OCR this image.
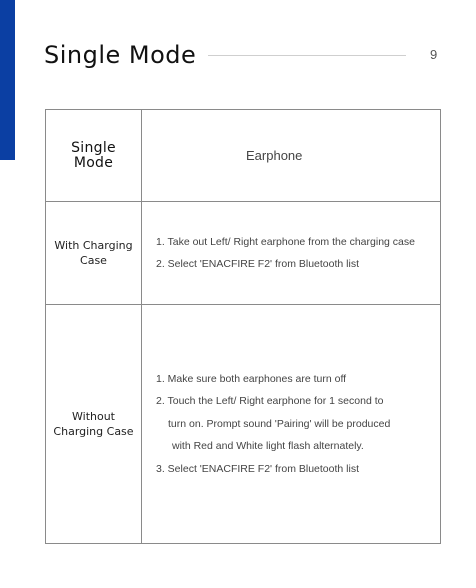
Single Mode	9
Single
Mode	Earphone

With Charging
Case	1. Take out Left/ Right earphone from the charging case
2. Select 'ENACFIRE F2' from Bluetooth list

Without
Charging Case	1. Make sure both earphones are turn off
2. Touch the Left/ Right earphone for 1 second to
turn on. Prompt sound 'Pairing' will be produced
with Red and White light flash alternately.
3. Select 'ENACFIRE F2' from Bluetooth list
